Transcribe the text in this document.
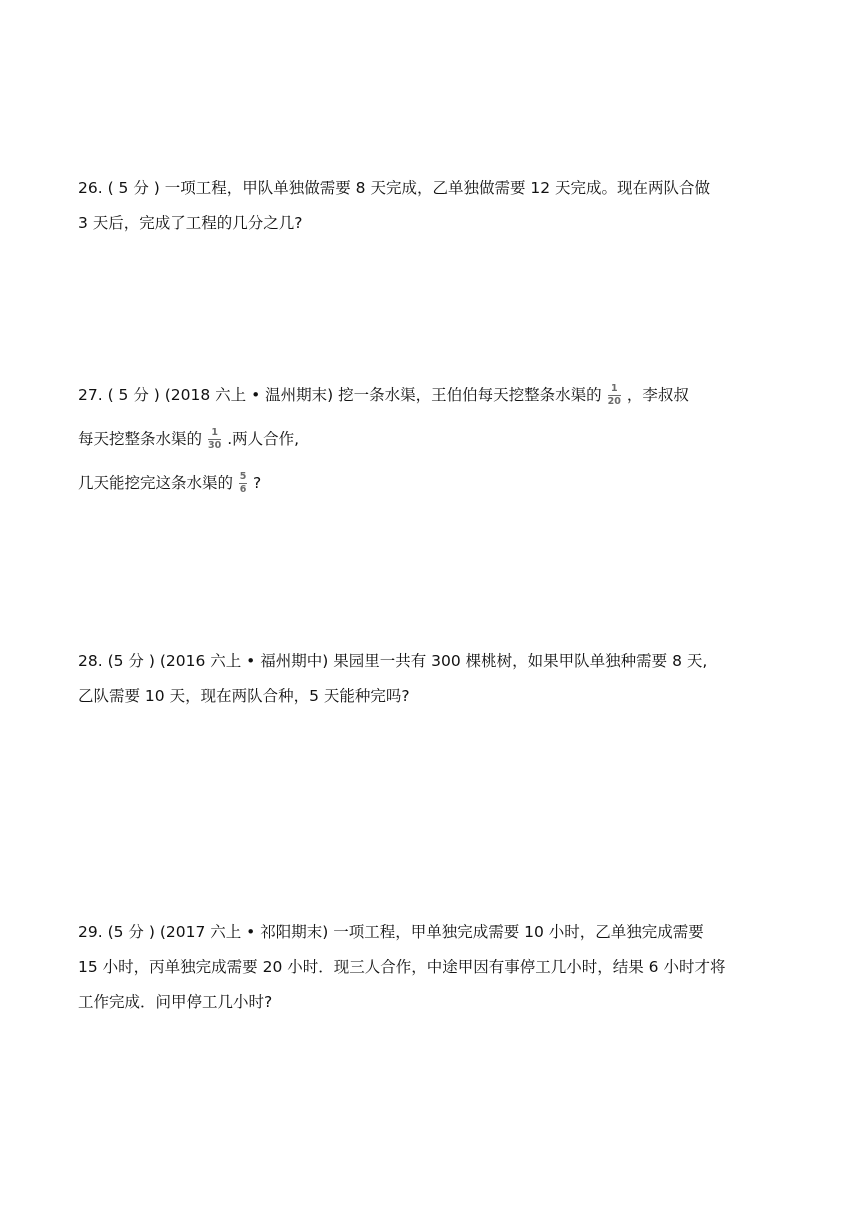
26. ( 5 分 ) 一项工程，甲队单独做需要 8 天完成，乙单独做需要 12 天完成。现在两队合做
3 天后，完成了工程的几分之几?
27. ( 5 分 ) (2018 六上 • 温州期末) 挖一条水渠，王伯伯每天挖整条水渠的 $\frac{1}{20}$ ，李叔叔
每天挖整条水渠的 $\frac{1}{30}$ .两人合作,
几天能挖完这条水渠的 $\frac{5}{6}$ ?
28. (5 分 ) (2016 六上 • 福州期中) 果园里一共有 300 棵桃树，如果甲队单独种需要 8 天,
乙队需要 10 天，现在两队合种，5 天能种完吗?
29. (5 分 ) (2017 六上 • 祁阳期末) 一项工程，甲单独完成需要 10 小时，乙单独完成需要
15 小时，丙单独完成需要 20 小时．现三人合作，中途甲因有事停工几小时，结果 6 小时才将
工作完成．问甲停工几小时?
